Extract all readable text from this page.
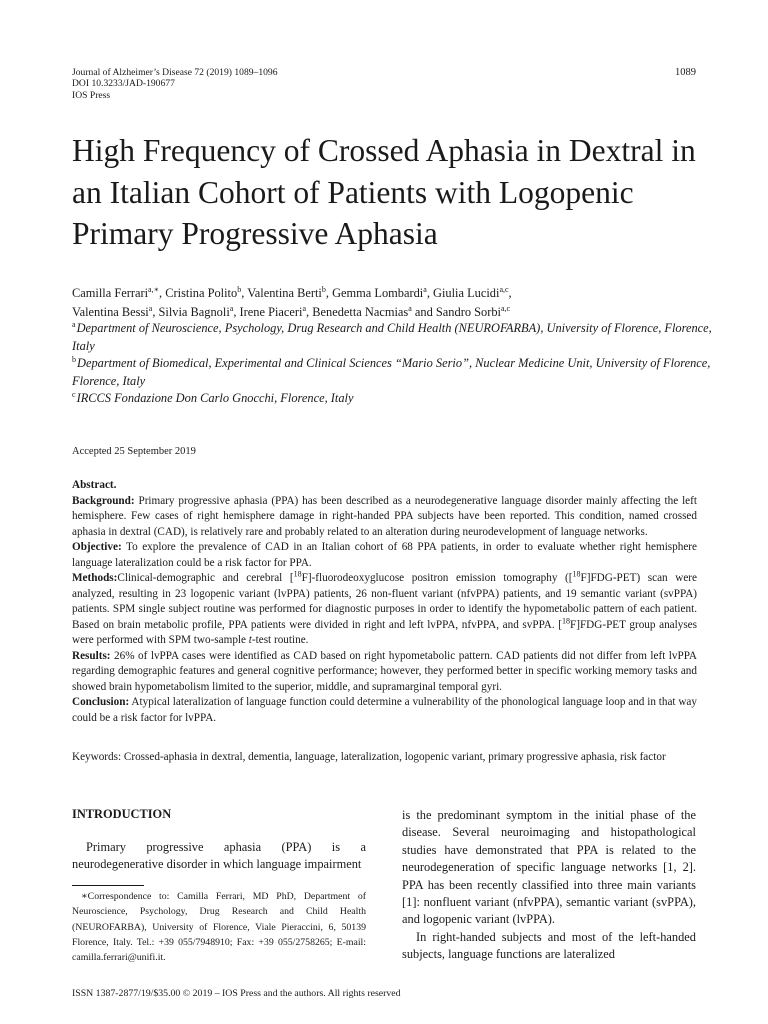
Journal of Alzheimer’s Disease 72 (2019) 1089–1096
DOI 10.3233/JAD-190677
IOS Press
1089
High Frequency of Crossed Aphasia in Dextral in an Italian Cohort of Patients with Logopenic Primary Progressive Aphasia
Camilla Ferrari$^{a,∗}$, Cristina Polito$^b$, Valentina Berti$^b$, Gemma Lombardi$^a$, Giulia Lucidi$^{a,c}$,
Valentina Bessi$^a$, Silvia Bagnoli$^a$, Irene Piaceri$^a$, Benedetta Nacmias$^a$ and Sandro Sorbi$^{a,c}$
$^a$Department of Neuroscience, Psychology, Drug Research and Child Health (NEUROFARBA), University of Florence, Florence, Italy
$^b$Department of Biomedical, Experimental and Clinical Sciences “Mario Serio”, Nuclear Medicine Unit, University of Florence, Florence, Italy
$^c$IRCCS Fondazione Don Carlo Gnocchi, Florence, Italy
Accepted 25 September 2019

Abstract.

Background: Primary progressive aphasia (PPA) has been described as a neurodegenerative language disorder mainly affecting the left hemisphere. Few cases of right hemisphere damage in right-handed PPA subjects have been reported. This condition, named crossed aphasia in dextral (CAD), is relatively rare and probably related to an alteration during neurodevelopment of language networks.

Objective: To explore the prevalence of CAD in an Italian cohort of 68 PPA patients, in order to evaluate whether right hemisphere language lateralization could be a risk factor for PPA.

Methods:Clinical-demographic and cerebral [$^{18}$F]-fluorodeoxyglucose positron emission tomography ([$^{18}$F]FDG-PET) scan were analyzed, resulting in 23 logopenic variant (lvPPA) patients, 26 non-fluent variant (nfvPPA) patients, and 19 semantic variant (svPPA) patients. SPM single subject routine was performed for diagnostic purposes in order to identify the hypometabolic pattern of each patient. Based on brain metabolic profile, PPA patients were divided in right and left lvPPA, nfvPPA, and svPPA. [$^{18}$F]FDG-PET group analyses were performed with SPM two-sample t-test routine.

Results: 26% of lvPPA cases were identified as CAD based on right hypometabolic pattern. CAD patients did not differ from left lvPPA regarding demographic features and general cognitive performance; however, they performed better in specific working memory tasks and showed brain hypometabolism limited to the superior, middle, and supramarginal temporal gyri.

Conclusion: Atypical lateralization of language function could determine a vulnerability of the phonological language loop and in that way could be a risk factor for lvPPA.

Keywords: Crossed-aphasia in dextral, dementia, language, lateralization, logopenic variant, primary progressive aphasia, risk factor
INTRODUCTION

Primary progressive aphasia (PPA) is a neurodegenerative disorder in which language impairment

is the predominant symptom in the initial phase of the disease. Several neuroimaging and histopathological studies have demonstrated that PPA is related to the neurodegeneration of specific language networks [1, 2]. PPA has been recently classified into three main variants [1]: nonfluent variant (nfvPPA), semantic variant (svPPA), and logopenic variant (lvPPA).

In right-handed subjects and most of the left-handed subjects, language functions are lateralized

∗Correspondence to: Camilla Ferrari, MD PhD, Department of Neuroscience, Psychology, Drug Research and Child Health (NEUROFARBA), University of Florence, Viale Pieraccini, 6, 50139 Florence, Italy. Tel.: +39 055/7948910; Fax: +39 055/2758265; E-mail: camilla.ferrari@unifi.it.

ISSN 1387-2877/19/$35.00 © 2019 – IOS Press and the authors. All rights reserved
